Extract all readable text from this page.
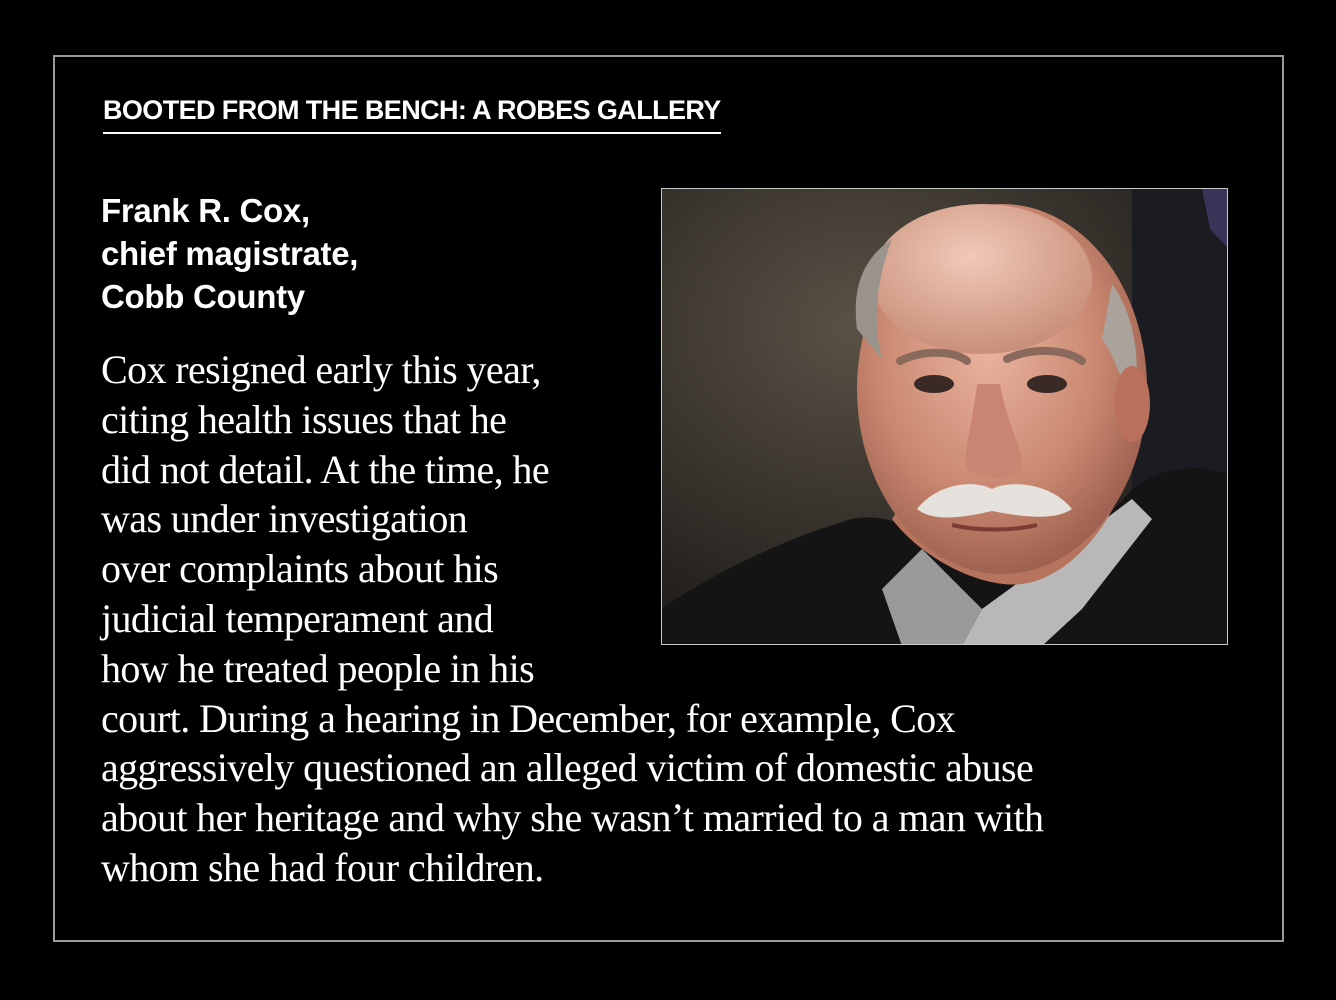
BOOTED FROM THE BENCH: A ROBES GALLERY
Frank R. Cox,
chief magistrate,
Cobb County
Cox resigned early this year,
citing health issues that he
did not detail. At the time, he
was under investigation
over complaints about his
judicial temperament and
how he treated people in his
court. During a hearing in December, for example, Cox
aggressively questioned an alleged victim of domestic abuse
about her heritage and why she wasn’t married to a man with
whom she had four children.
